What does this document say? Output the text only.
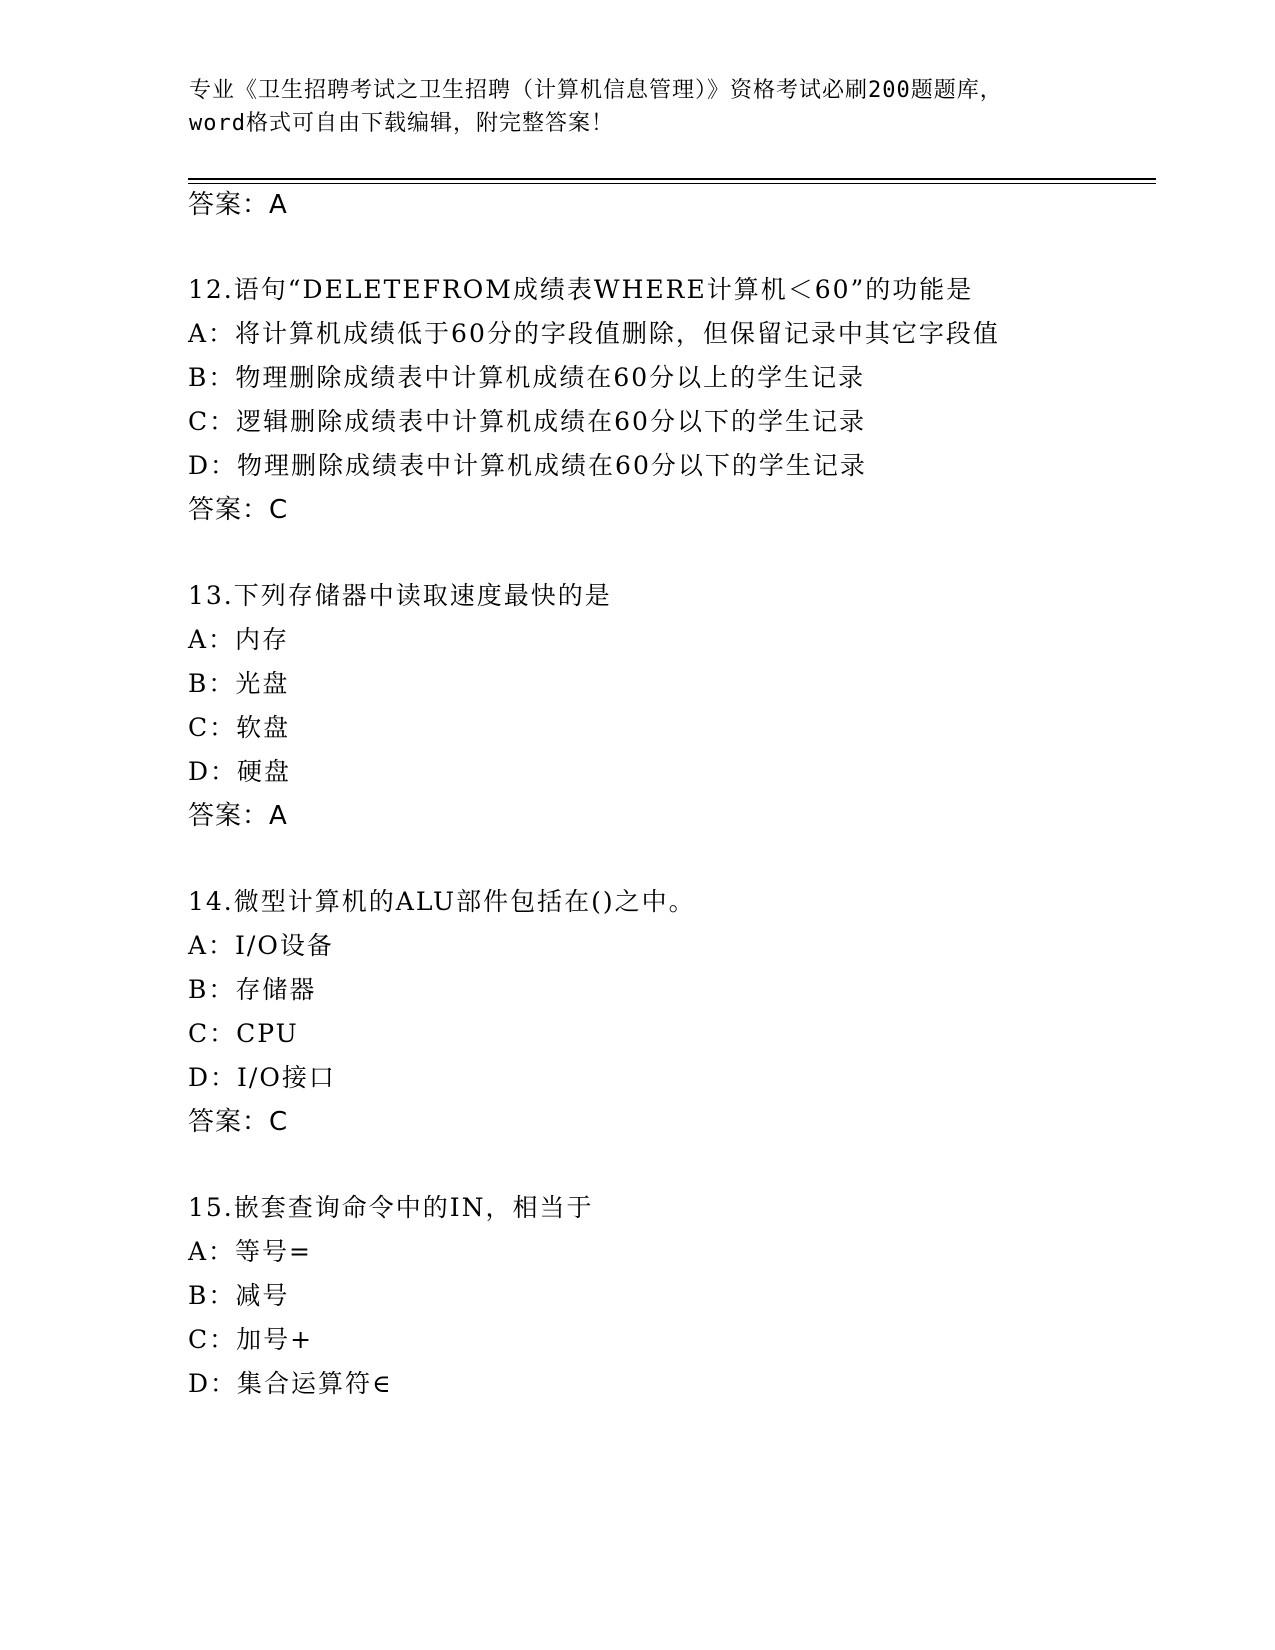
专业《卫生招聘考试之卫生招聘（计算机信息管理）》资格考试必刷200题题库，
word格式可自由下载编辑，附完整答案！
答案：A
12.语句“DELETEFROM成绩表WHERE计算机＜60”的功能是
A：将计算机成绩低于60分的字段值删除，但保留记录中其它字段值
B：物理删除成绩表中计算机成绩在60分以上的学生记录
C：逻辑删除成绩表中计算机成绩在60分以下的学生记录
D：物理删除成绩表中计算机成绩在60分以下的学生记录
答案：C
13.下列存储器中读取速度最快的是
A：内存
B：光盘
C：软盘
D：硬盘
答案：A
14.微型计算机的ALU部件包括在()之中。
A：I/O设备
B：存储器
C：CPU
D：I/O接口
答案：C
15.嵌套查询命令中的IN，相当于
A：等号=
B：减号
C：加号+
D：集合运算符∈
